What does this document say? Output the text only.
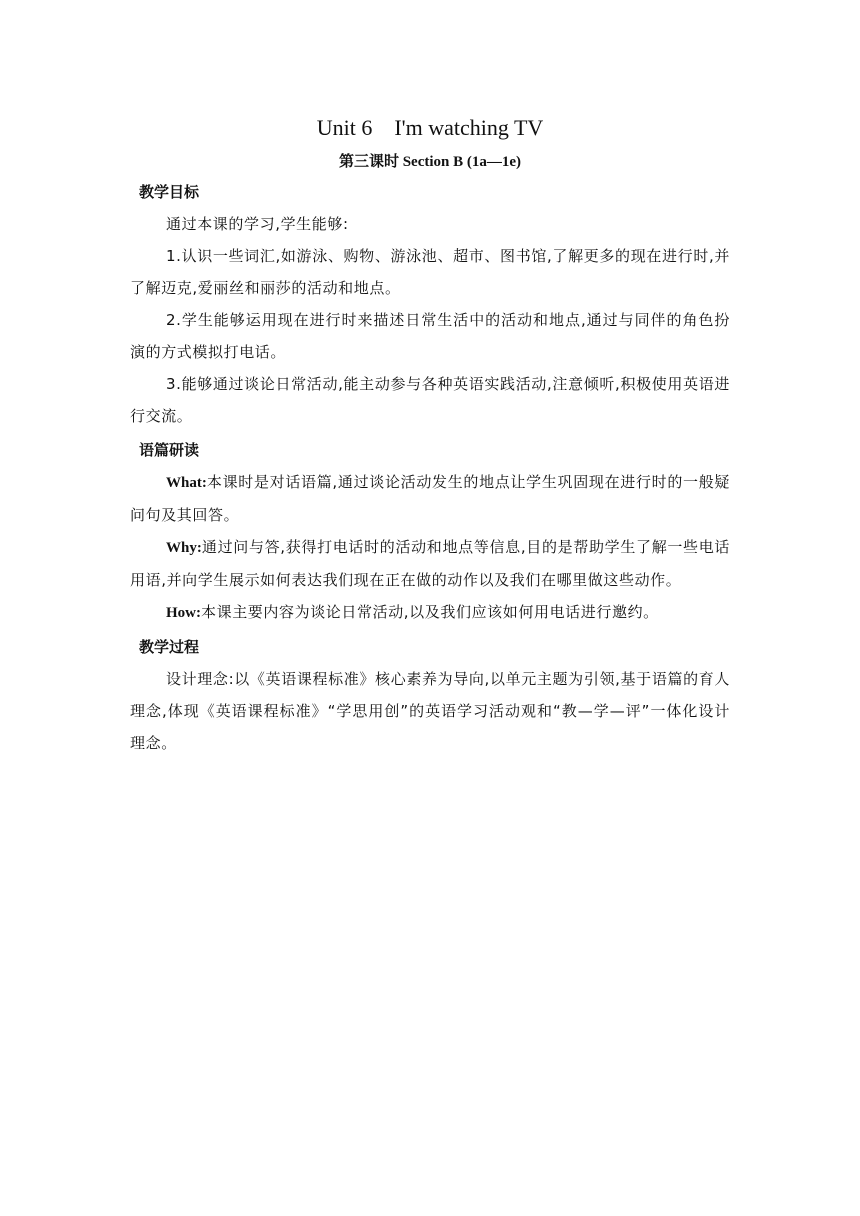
Unit 6    I'm watching TV
第三课时 Section B (1a—1e)
教学目标

通过本课的学习,学生能够:

1.认识一些词汇,如游泳、购物、游泳池、超市、图书馆,了解更多的现在进行时,并了解迈克,爱丽丝和丽莎的活动和地点。

2.学生能够运用现在进行时来描述日常生活中的活动和地点,通过与同伴的角色扮演的方式模拟打电话。

3.能够通过谈论日常活动,能主动参与各种英语实践活动,注意倾听,积极使用英语进行交流。

语篇研读

What:本课时是对话语篇,通过谈论活动发生的地点让学生巩固现在进行时的一般疑问句及其回答。

Why:通过问与答,获得打电话时的活动和地点等信息,目的是帮助学生了解一些电话用语,并向学生展示如何表达我们现在正在做的动作以及我们在哪里做这些动作。

How:本课主要内容为谈论日常活动,以及我们应该如何用电话进行邀约。

教学过程

设计理念:以《英语课程标准》核心素养为导向,以单元主题为引领,基于语篇的育人理念,体现《英语课程标准》“学思用创”的英语学习活动观和“教—学—评”一体化设计理念。
